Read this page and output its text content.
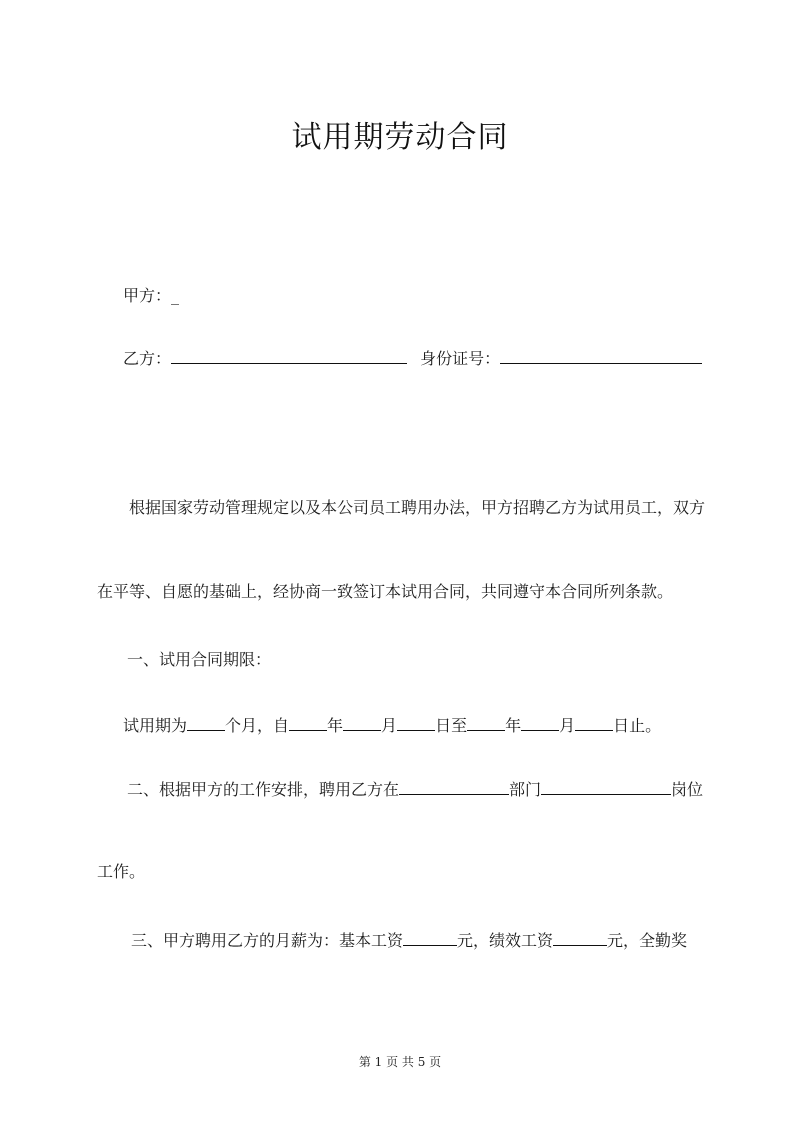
试用期劳动合同
甲方：_
乙方：	身份证号：
根据国家劳动管理规定以及本公司员工聘用办法，甲方招聘乙方为试用员工，双方
在平等、自愿的基础上，经协商一致签订本试用合同，共同遵守本合同所列条款。
一、试用合同期限：
试用期为 个月，自 年 月 日至 年 月 日止。
二、根据甲方的工作安排，聘用乙方在	部门	岗位
工作。
三、甲方聘用乙方的月薪为：基本工资	元，绩效工资	元，全勤奖
第 1 页 共 5 页
